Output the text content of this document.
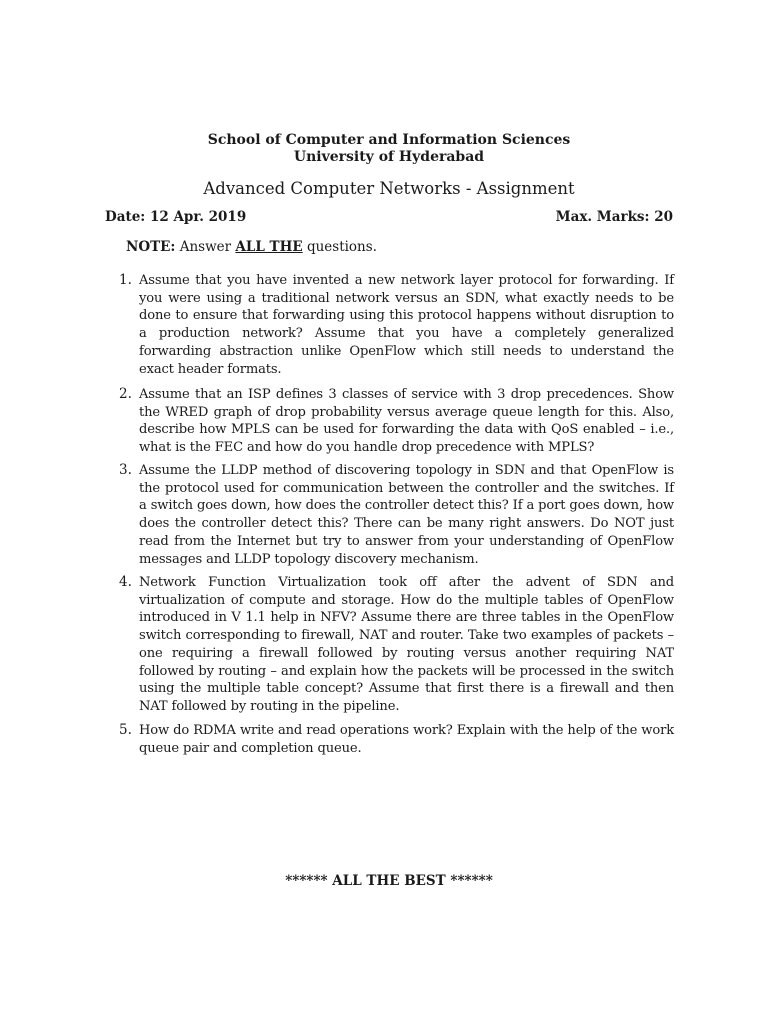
School of Computer and Information Sciences
University of Hyderabad
Advanced Computer Networks - Assignment
Date: 12 Apr. 2019	Max. Marks: 20
NOTE: Answer ALL THE questions.
1. Assume that you have invented a new network layer protocol for forwarding. If you were using a traditional network versus an SDN, what exactly needs to be done to ensure that forwarding using this protocol happens without disruption to a production network? Assume that you have a completely generalized forwarding abstraction unlike OpenFlow which still needs to understand the exact header formats.
2. Assume that an ISP defines 3 classes of service with 3 drop precedences. Show the WRED graph of drop probability versus average queue length for this. Also, describe how MPLS can be used for forwarding the data with QoS enabled – i.e., what is the FEC and how do you handle drop precedence with MPLS?
3. Assume the LLDP method of discovering topology in SDN and that OpenFlow is the protocol used for communication between the controller and the switches. If a switch goes down, how does the controller detect this? If a port goes down, how does the controller detect this? There can be many right answers. Do NOT just read from the Internet but try to answer from your understanding of OpenFlow messages and LLDP topology discovery mechanism.
4. Network Function Virtualization took off after the advent of SDN and virtualization of compute and storage. How do the multiple tables of OpenFlow introduced in V 1.1 help in NFV? Assume there are three tables in the OpenFlow switch corresponding to firewall, NAT and router. Take two examples of packets – one requiring a firewall followed by routing versus another requiring NAT followed by routing – and explain how the packets will be processed in the switch using the multiple table concept? Assume that first there is a firewall and then NAT followed by routing in the pipeline.
5. How do RDMA write and read operations work? Explain with the help of the work queue pair and completion queue.
****** ALL THE BEST ******
